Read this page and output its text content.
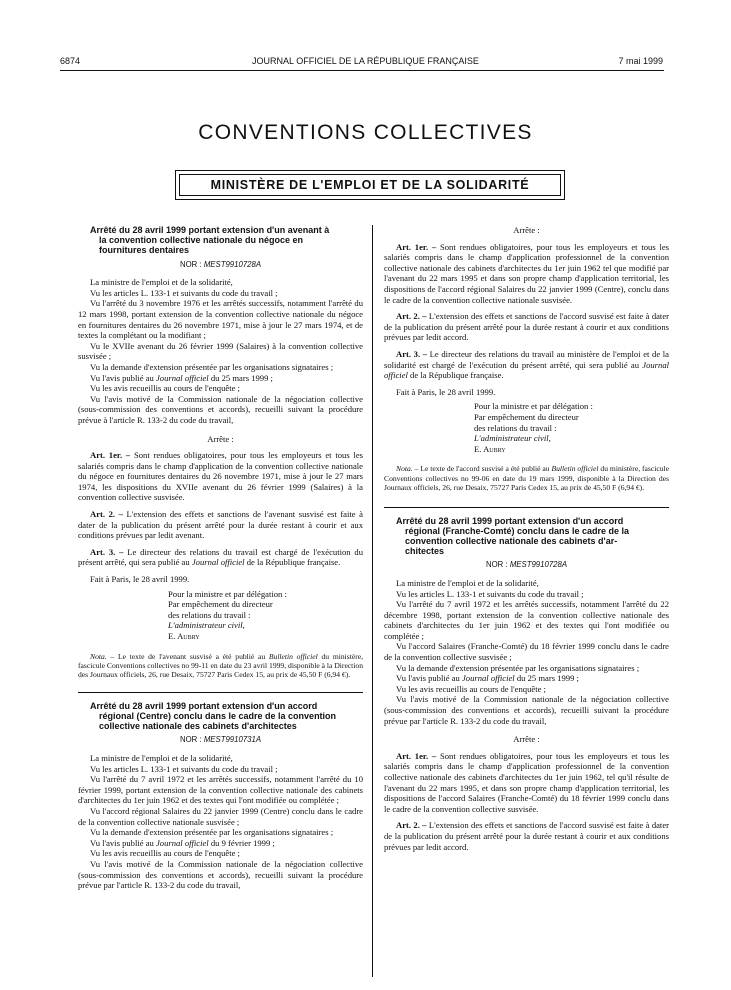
6874	JOURNAL OFFICIEL DE LA RÉPUBLIQUE FRANÇAISE	7 mai 1999
CONVENTIONS COLLECTIVES
MINISTÈRE DE L'EMPLOI ET DE LA SOLIDARITÉ

Arrêté du 28 avril 1999 portant extension d'un avenant à
la convention collective nationale du négoce en
fournitures dentaires

NOR : MEST9910728A

La ministre de l'emploi et de la solidarité,

Vu les articles L. 133-1 et suivants du code du travail ;

Vu l'arrêté du 3 novembre 1976 et les arrêtés successifs, notamment l'arrêté du 12 mars 1998, portant extension de la convention collective nationale du négoce en fournitures dentaires du 26 novembre 1971, mise à jour le 27 mars 1974, et de textes la complétant ou la modifiant ;

Vu le XVIIe avenant du 26 février 1999 (Salaires) à la convention collective susvisée ;

Vu la demande d'extension présentée par les organisations signataires ;

Vu l'avis publié au Journal officiel du 25 mars 1999 ;

Vu les avis recueillis au cours de l'enquête ;

Vu l'avis motivé de la Commission nationale de la négociation collective (sous-commission des conventions et accords), recueilli suivant la procédure prévue à l'article R. 133-2 du code du travail,

Arrête :

Art. 1er. – Sont rendues obligatoires, pour tous les employeurs et tous les salariés compris dans le champ d'application de la convention collective nationale du négoce en fournitures dentaires du 26 novembre 1971, mise à jour le 27 mars 1974, les dispositions du XVIIe avenant du 26 février 1999 (Salaires) à la convention collective susvisée.

Art. 2. – L'extension des effets et sanctions de l'avenant susvisé est faite à dater de la publication du présent arrêté pour la durée restant à courir et aux conditions prévues par ledit avenant.

Art. 3. – Le directeur des relations du travail est chargé de l'exécution du présent arrêté, qui sera publié au Journal officiel de la République française.

Fait à Paris, le 28 avril 1999.

Pour la ministre et par délégation :

Par empêchement du directeur

des relations du travail :

L'administrateur civil,

E. Aubry

Nota. – Le texte de l'avenant susvisé a été publié au Bulletin officiel du ministère, fascicule Conventions collectives no 99-11 en date du 23 avril 1999, disponible à la Direction des Journaux officiels, 26, rue Desaix, 75727 Paris Cedex 15, au prix de 45,50 F (6,94 €).

Arrêté du 28 avril 1999 portant extension d'un accord
régional (Centre) conclu dans le cadre de la convention
collective nationale des cabinets d'architectes

NOR : MEST9910731A

La ministre de l'emploi et de la solidarité,

Vu les articles L. 133-1 et suivants du code du travail ;

Vu l'arrêté du 7 avril 1972 et les arrêtés successifs, notamment l'arrêté du 10 février 1999, portant extension de la convention collective nationale des cabinets d'architectes du 1er juin 1962 et des textes qui l'ont modifiée ou complétée ;

Vu l'accord régional Salaires du 22 janvier 1999 (Centre) conclu dans le cadre de la convention collective nationale susvisée ;

Vu la demande d'extension présentée par les organisations signataires ;

Vu l'avis publié au Journal officiel du 9 février 1999 ;

Vu les avis recueillis au cours de l'enquête ;

Vu l'avis motivé de la Commission nationale de la négociation collective (sous-commission des conventions et accords), recueilli suivant la procédure prévue par l'article R. 133-2 du code du travail,

Arrête :

Art. 1er. – Sont rendues obligatoires, pour tous les employeurs et tous les salariés compris dans le champ d'application professionnel de la convention collective nationale des cabinets d'architectes du 1er juin 1962 tel que modifié par l'avenant du 22 mars 1995 et dans son propre champ d'application territorial, les dispositions de l'accord régional Salaires du 22 janvier 1999 (Centre), conclu dans le cadre de la convention collective nationale susvisée.

Art. 2. – L'extension des effets et sanctions de l'accord susvisé est faite à dater de la publication du présent arrêté pour la durée restant à courir et aux conditions prévues par ledit accord.

Art. 3. – Le directeur des relations du travail au ministère de l'emploi et de la solidarité est chargé de l'exécution du présent arrêté, qui sera publié au Journal officiel de la République française.

Fait à Paris, le 28 avril 1999.

Pour la ministre et par délégation :

Par empêchement du directeur

des relations du travail :

L'administrateur civil,

E. Aubry

Nota. – Le texte de l'accord susvisé a été publié au Bulletin officiel du ministère, fascicule Conventions collectives no 99-06 en date du 19 mars 1999, disponible à la Direction des Journaux officiels, 26, rue Desaix, 75727 Paris Cedex 15, au prix de 45,50 F (6,94 €).

Arrêté du 28 avril 1999 portant extension d'un accord
régional (Franche-Comté) conclu dans le cadre de la
convention collective nationale des cabinets d'ar-
chitectes

NOR : MEST9910728A

La ministre de l'emploi et de la solidarité,

Vu les articles L. 133-1 et suivants du code du travail ;

Vu l'arrêté du 7 avril 1972 et les arrêtés successifs, notamment l'arrêté du 22 décembre 1998, portant extension de la convention collective nationale des cabinets d'architectes du 1er juin 1962 et des textes qui l'ont modifiée ou complétée ;

Vu l'accord Salaires (Franche-Comté) du 18 février 1999 conclu dans le cadre de la convention collective susvisée ;

Vu la demande d'extension présentée par les organisations signataires ;

Vu l'avis publié au Journal officiel du 25 mars 1999 ;

Vu les avis recueillis au cours de l'enquête ;

Vu l'avis motivé de la Commission nationale de la négociation collective (sous-commission des conventions et accords), recueilli suivant la procédure prévue par l'article R. 133-2 du code du travail,

Arrête :

Art. 1er. – Sont rendues obligatoires, pour tous les employeurs et tous les salariés compris dans le champ d'application professionnel de la convention collective nationale des cabinets d'architectes du 1er juin 1962, tel qu'il résulte de l'avenant du 22 mars 1995, et dans son propre champ d'application territorial, les dispositions de l'accord Salaires (Franche-Comté) du 18 février 1999 conclu dans le cadre de la convention collective susvisée.

Art. 2. – L'extension des effets et sanctions de l'accord susvisé est faite à dater de la publication du présent arrêté pour la durée restant à courir et aux conditions prévues par ledit accord.
